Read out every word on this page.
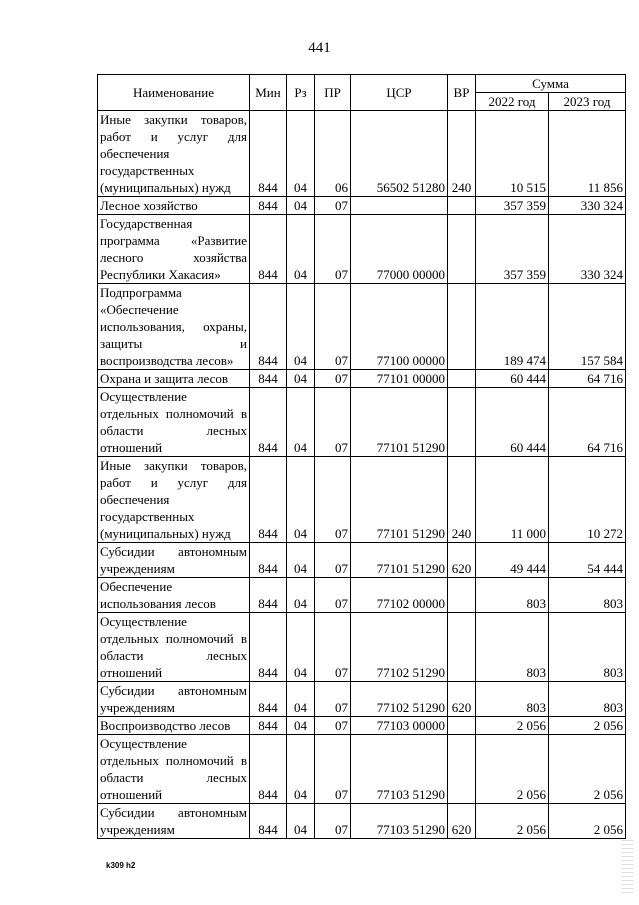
441
Наименование	Мин	Рз	ПР	ЦСР	ВР	Сумма	
						2022 год	2023 год
Иные закупки товаров, работ и услуг для обеспечения государственных (муниципальных) нужд	844	04	06	56502 51280	240	10 515	11 856
Лесное хозяйство	844	04	07			357 359	330 324
Государственная программа «Развитие лесного хозяйства Республики Хакасия»	844	04	07	77000 00000		357 359	330 324
Подпрограмма «Обеспечение использования, охраны, защиты и воспроизводства лесов»	844	04	07	77100 00000		189 474	157 584
Охрана и защита лесов	844	04	07	77101 00000		60 444	64 716
Осуществление отдельных полномочий в области лесных отношений	844	04	07	77101 51290		60 444	64 716
Иные закупки товаров, работ и услуг для обеспечения государственных (муниципальных) нужд	844	04	07	77101 51290	240	11 000	10 272
Субсидии автономным учреждениям	844	04	07	77101 51290	620	49 444	54 444
Обеспечение использования лесов	844	04	07	77102 00000		803	803
Осуществление отдельных полномочий в области лесных отношений	844	04	07	77102 51290		803	803
Субсидии автономным учреждениям	844	04	07	77102 51290	620	803	803
Воспроизводство лесов	844	04	07	77103 00000		2 056	2 056
Осуществление отдельных полномочий в области лесных отношений	844	04	07	77103 51290		2 056	2 056
Субсидии автономным учреждениям	844	04	07	77103 51290	620	2 056	2 056
k309 h2
